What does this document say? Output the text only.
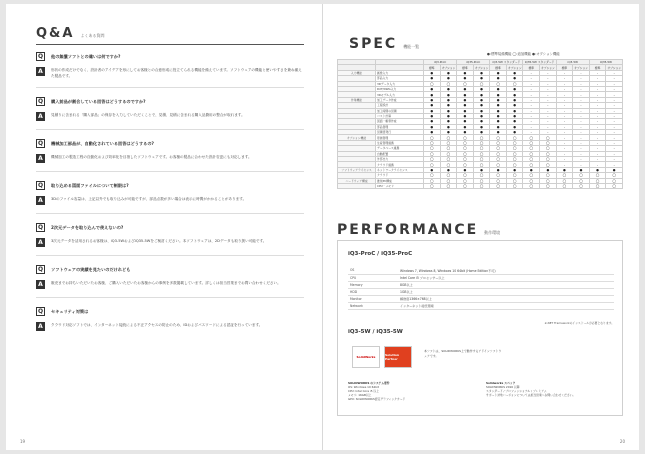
Q&A よくある質問
Q	他の無償ソフトとの違いは何ですか?
A	形状の作成だけでなく、設計者のアイデアを形にしてお客様との合意形成に役立てられる機能を備えています。ソフトウェアの機能と使いやすさを兼ね備えた製品です。
Q	購入前品が割合している回答はどうするのですか?
A	見積りに含まれる「購入部品」の保存を入力していただくことで、見積、見積に含まれる購入品費用の整合が取れます。
Q	機械加工部品が、自動化されている回答はどうするの?
A	機械加工の製造工程の自動化および効率化を目指したソフトウェアです。お客様の製品に合わせた設計変更にも対応します。
Q	取り込める図面ファイルについて制限は?
A	3Dのファイル容量は、上記以外でも取り込みが可能ですが、部品点数が多い場合は表示に時間がかかることがあります。
Q	2次元データを取り込んで使えないの?
A	3次元データを活用されるお客様は、iQ3-5WおよびiQ35-5Wをご検討ください。本ソフトウェアは、2Dデータも取り扱い可能です。
Q	ソフトウェアの実績を見たいのだけれども
A	販売までお持ちいただいたお客様、ご購入いただいたお客様からの事例を多数掲載しています。詳しくは担当営業までお問い合わせください。
Q	セキュリティ対策は
A	クラウド対応ソフトでは、インターネット接続による不正アクセスの防止のため、IDおよびパスワードによる認証を行っています。
19
SPEC 機能一覧
●:標準装備機能 ◯:追加機能 ●:オプション機能
		iQ3-ProC		iQ35-ProC		iQ3-5W スタンダード		iQ35-5W スタンダード		iQ3-5W		iQ35-5W	
		標準	オプション	標準	オプション	標準	オプション	標準	オプション	標準	オプション	標準	オプション
入力機能	画像入力	●	●	●	●	●	●	-	-	-	-	-	-
	部品入力	●	●	●	●	●	●	-	-	-	-	-	-
	3Dデータ入力	◯	◯	◯	◯	◯	◯	-	-	-	-	-	-
	DXF/DWG入力	●	●	●	●	●	●	-	-	-	-	-	-
	3Dモデル入力	●	●	●	●	●	●	-	-	-	-	-	-
作業機能	加工データ作成	●	●	●	●	●	●	-	-	-	-	-	-
	工程設計	●	●	●	●	●	●	-	-	-	-	-	-
	加工時間の見積	●	●	●	●	●	●	-	-	-	-	-	-
	コスト計算	●	●	●	●	●	●	-	-	-	-	-	-
	図面・帳票作成	●	●	●	●	●	●	-	-	-	-	-	-
	部品管理	●	●	●	●	●	●	-	-	-	-	-	-
	見積書発行	●	●	●	●	●	●	-	-	-	-	-	-
オプション機能	原価管理	◯	◯	◯	◯	◯	◯	◯	◯	-	-	-	-
	生産管理連携	◯	◯	◯	◯	◯	◯	◯	◯	-	-	-	-
	データベース連携	◯	◯	◯	◯	◯	◯	◯	◯	-	-	-	-
	自動配置	◯	◯	◯	◯	◯	◯	◯	◯	-	-	-	-
	外部出力	◯	◯	◯	◯	◯	◯	◯	◯	-	-	-	-
	クラウド連携	◯	◯	◯	◯	◯	◯	◯	◯	-	-	-	-
ソフトウェアライセンス	ネットワークライセンス	●	●	●	●	●	●	●	●	●	●	●	●
	クラウド	◯	◯	◯	◯	◯	◯	◯	◯	◯	◯	◯	◯
ハードウェア構成	推奨PC構成	◯	◯	◯	◯	◯	◯	◯	◯	◯	◯	◯	◯
	CPU・メモリ	◯	◯	◯	◯	◯	◯	◯	◯	◯	◯	◯	◯
PERFORMANCE 動作環境
iQ3-ProC / iQ35-ProC
OS	Windows 7, Windows 8, Windows 10 64bit (Home Edition不可)
CPU	Intel Core i5 プロセッサー以上
Memory	8GB以上
HDD	1GB以上
Monitor	解像度1366×768以上
Network	インターネット接続環境
※.NET Frameworkのインストールが必要となります。
iQ3-5W / iQ35-5W
SolidWorks	Solution Partner
本ソフトは、SOLIDWORKS上で動作するアドインソフトウェアです。
SOLIDWORKS のシステム要件
OS: Windows 10 64bit
CPU: Intel Core i5 以上
メモリ: 16GB以上
GPU: SOLIDWORKS認定グラフィックカード
Solidworks スペック
SOLIDWORKS 2016 以降
スタンダード / プロフェッショナル / プレミアム
サポート対象バージョンについては担当営業へお問い合わせください。
20
